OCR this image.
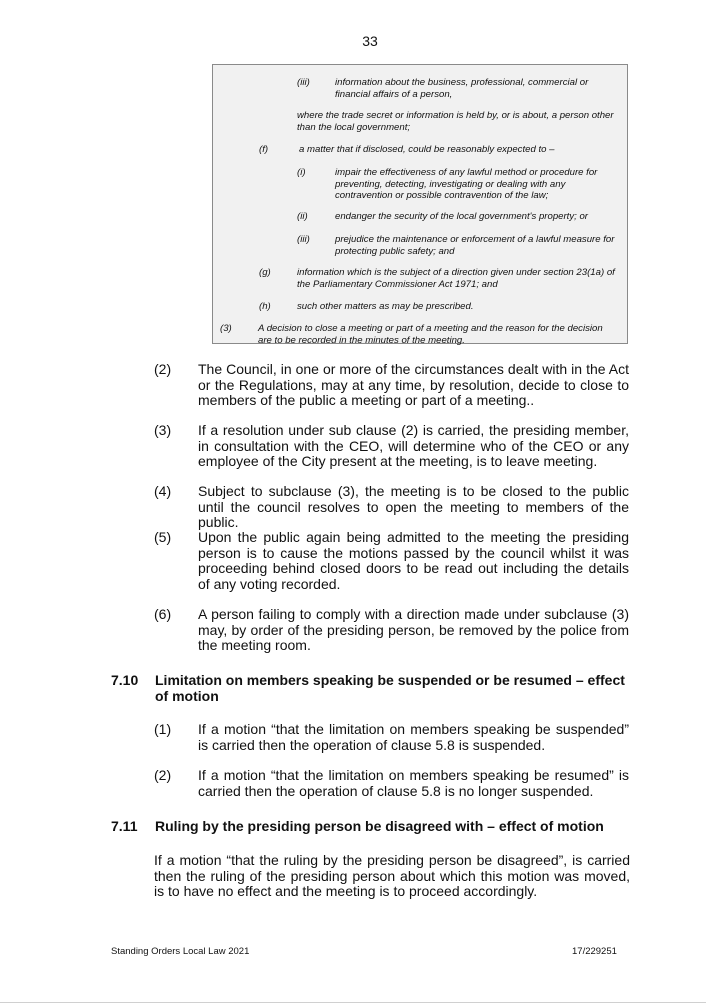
33
(iii)	information about the business, professional, commercial or financial affairs of a person,
where the trade secret or information is held by, or is about, a person other than the local government;
(f)	a matter that if disclosed, could be reasonably expected to –
(i)	impair the effectiveness of any lawful method or procedure for preventing, detecting, investigating or dealing with any contravention or possible contravention of the law;
(ii)	endanger the security of the local government's property; or
(iii)	prejudice the maintenance or enforcement of a lawful measure for protecting public safety; and
(g)	information which is the subject of a direction given under section 23(1a) of the Parliamentary Commissioner Act 1971; and
(h)	such other matters as may be prescribed.
(3)	A decision to close a meeting or part of a meeting and the reason for the decision are to be recorded in the minutes of the meeting.
(2) The Council, in one or more of the circumstances dealt with in the Act or the Regulations, may at any time, by resolution, decide to close to members of the public a meeting or part of a meeting..
(3) If a resolution under sub clause (2) is carried, the presiding member, in consultation with the CEO, will determine who of the CEO or any employee of the City present at the meeting, is to leave meeting.
(4) Subject to subclause (3), the meeting is to be closed to the public until the council resolves to open the meeting to members of the public.
(5) Upon the public again being admitted to the meeting the presiding person is to cause the motions passed by the council whilst it was proceeding behind closed doors to be read out including the details of any voting recorded.
(6) A person failing to comply with a direction made under subclause (3) may, by order of the presiding person, be removed by the police from the meeting room.
7.10 Limitation on members speaking be suspended or be resumed – effect of motion
(1) If a motion “that the limitation on members speaking be suspended” is carried then the operation of clause 5.8 is suspended.
(2) If a motion “that the limitation on members speaking be resumed” is carried then the operation of clause 5.8 is no longer suspended.
7.11 Ruling by the presiding person be disagreed with – effect of motion
If a motion “that the ruling by the presiding person be disagreed”, is carried then the ruling of the presiding person about which this motion was moved, is to have no effect and the meeting is to proceed accordingly.
Standing Orders Local Law 2021	17/229251
